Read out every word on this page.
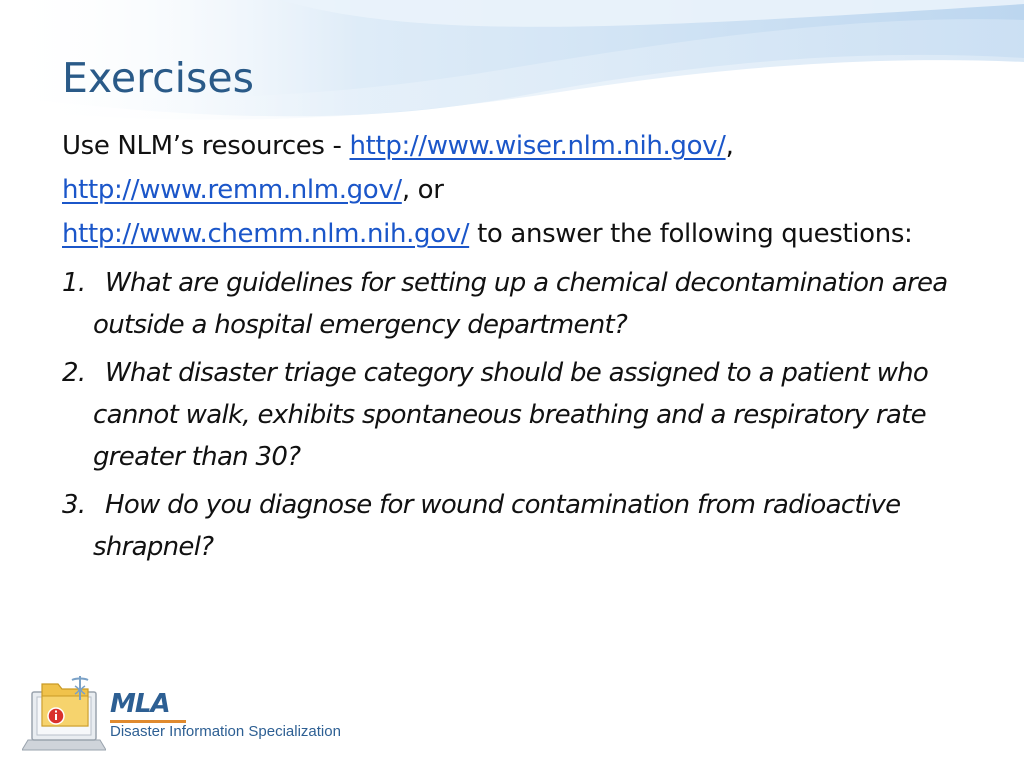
Exercises

Use NLM’s resources - http://www.wiser.nlm.nih.gov/,
http://www.remm.nlm.gov/, or
http://www.chemm.nlm.nih.gov/ to answer the following questions:

1. What are guidelines for setting up a chemical decontamination area outside a hospital emergency department?
2. What disaster triage category should be assigned to a patient who cannot walk, exhibits spontaneous breathing and a respiratory rate greater than 30?
3. How do you diagnose for wound contamination from radioactive shrapnel?
MLA
Disaster Information Specialization
